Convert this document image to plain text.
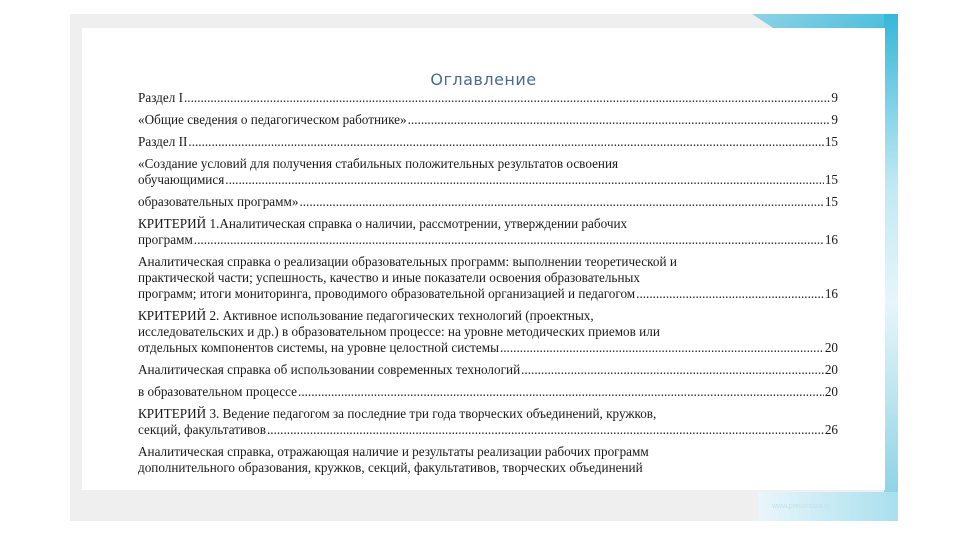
www.presentacii.ru
Оглавление
Раздел I .....	9
«Общие сведения о педагогическом работнике» .....	9
Раздел II .....	15
«Создание условий для получения стабильных положительных результатов освоения
обучающимися .....	15
образовательных программ» .....	15
КРИТЕРИЙ 1.Аналитическая справка о наличии, рассмотрении, утверждении рабочих
программ .....	16
Аналитическая справка о реализации образовательных программ: выполнении теоретической и
практической части; успешность, качество и иные показатели освоения образовательных
программ; итоги мониторинга, проводимого образовательной организацией и педагогом .....	16
КРИТЕРИЙ 2. Активное использование педагогических технологий (проектных,
исследовательских и др.) в образовательном процессе: на уровне методических приемов или
отдельных компонентов системы, на уровне целостной системы .....	20
Аналитическая справка об использовании современных технологий .....	20
в образовательном процессе .....	20
КРИТЕРИЙ 3. Ведение педагогом за последние три года творческих объединений, кружков,
секций, факультативов .....	26
Аналитическая справка, отражающая наличие и результаты реализации рабочих программ
дополнительного образования, кружков, секций, факультативов, творческих объединений
